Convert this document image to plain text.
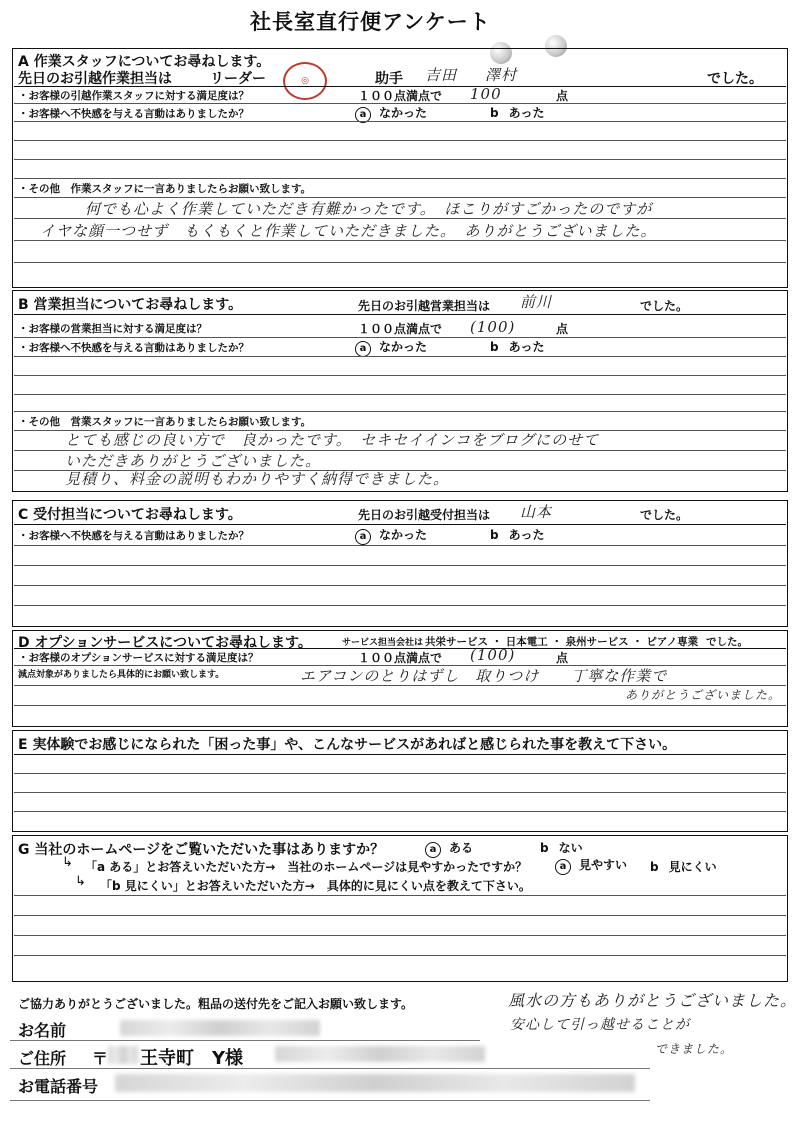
社長室直行便アンケート
A 作業スタッフについてお尋ねします。
先日のお引越作業担当は	リーダー	◎	助手 吉田 澤村	でした。
・お客様の引越作業スタッフに対する満足度は？	１００点満点で 100	点
・お客様へ不快感を与える言動はありましたか？	a なかった	b あった
・その他　作業スタッフに一言ありましたらお願い致します。
何でも心よく作業していただき有難かったです。　ほこりがすごかったのですが
イヤな顔一つせず　もくもくと作業していただきました。　ありがとうございました。
B 営業担当についてお尋ねします。	先日のお引越営業担当は 前川	でした。
・お客様の営業担当に対する満足度は？	１００点満点で (100)	点
・お客様へ不快感を与える言動はありましたか？	a なかった	b あった
・その他　営業スタッフに一言ありましたらお願い致します。
とても感じの良い方で　良かったです。　セキセイインコをブログにのせて
いただきありがとうございました。
見積り、料金の説明もわかりやすく納得できました。
C 受付担当についてお尋ねします。	先日のお引越受付担当は 山本	でした。
・お客様へ不快感を与える言動はありましたか？	a なかった	b あった
D オプションサービスについてお尋ねします。	サービス担当会社は 共栄サービス ・ 日本電工 ・ 泉州サービス ・ ピアノ専業 でした。
・お客様のオプションサービスに対する満足度は？	１００点満点で (100)	点
減点対象がありましたら具体的にお願い致します。	エアコンのとりはずし　取りつけ　　丁寧な作業で
ありがとうございました。
E 実体験でお感じになられた「困った事」や、こんなサービスがあればと感じられた事を教えて下さい。
G 当社のホームページをご覧いただいた事はありますか？	a ある	b ない
↳ 「a ある」とお答えいただいた方→　当社のホームページは見やすかったですか？	a 見やすい b 見にくい
↳ 「b 見にくい」とお答えいただいた方→　具体的に見にくい点を教えて下さい。
ご協力ありがとうございました。粗品の送付先をご記入お願い致します。
お名前
ご住所 〒 王寺町　Y様
お電話番号
風水の方もありがとうございました。
安心して引っ越せることが
できました。
